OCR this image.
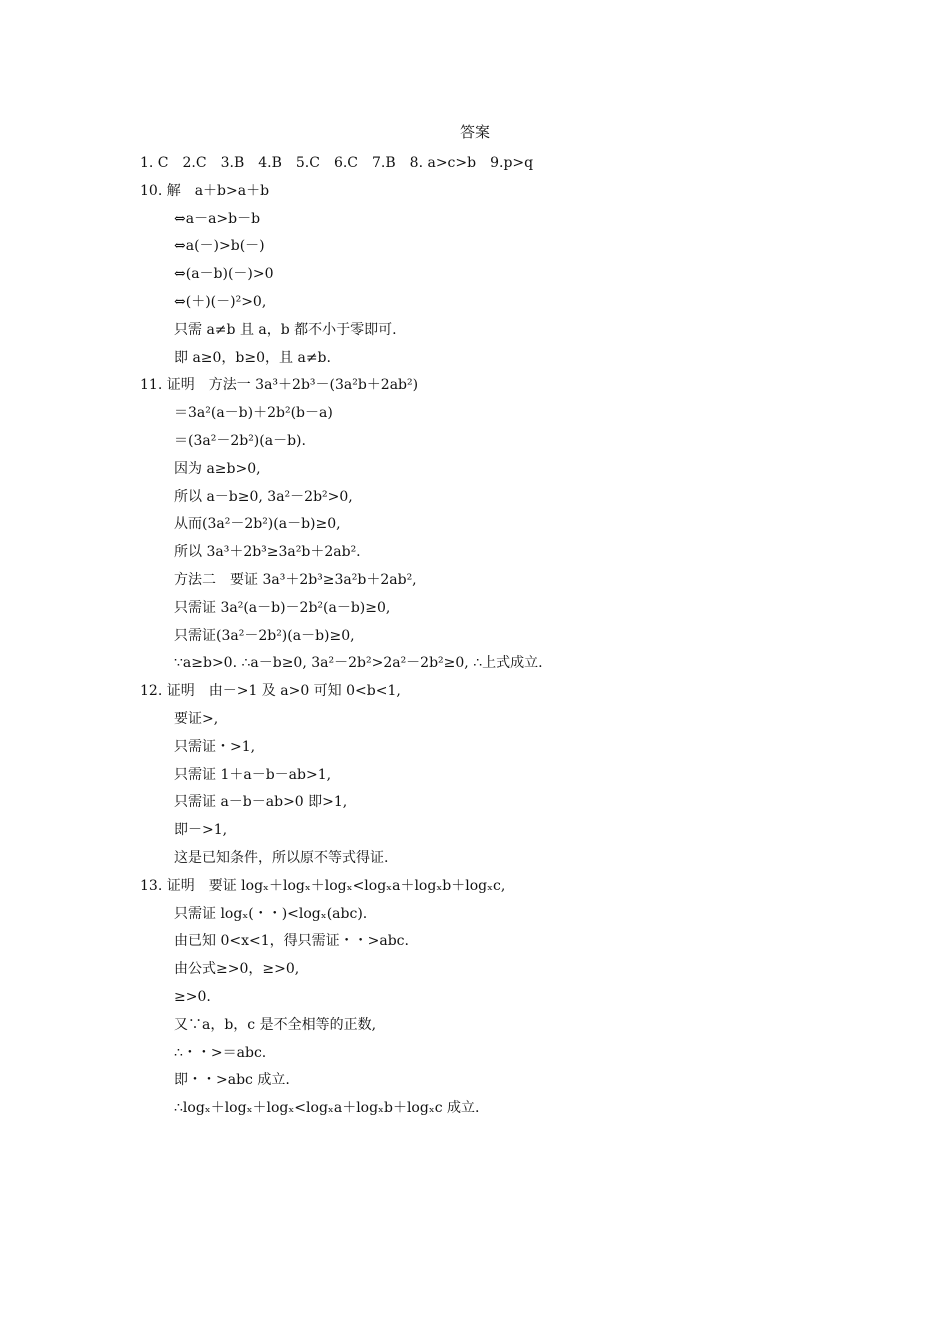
答案
1. C　2.C　3.B　4.B　5.C　6.C　7.B　8. a>c>b　9.p>q
10. 解　a＋b>a＋b
⇔a－a>b－b
⇔a(－)>b(－)
⇔(a－b)(－)>0
⇔(＋)(－)²>0,
只需 a≠b 且 a，b 都不小于零即可.
即 a≥0，b≥0，且 a≠b.
11. 证明　方法一 3a³＋2b³－(3a²b＋2ab²)
＝3a²(a－b)＋2b²(b－a)
＝(3a²－2b²)(a－b).
因为 a≥b>0,
所以 a－b≥0, 3a²－2b²>0,
从而(3a²－2b²)(a－b)≥0,
所以 3a³＋2b³≥3a²b＋2ab².
方法二　要证 3a³＋2b³≥3a²b＋2ab²,
只需证 3a²(a－b)－2b²(a－b)≥0,
只需证(3a²－2b²)(a－b)≥0,
∵a≥b>0. ∴a－b≥0, 3a²－2b²>2a²－2b²≥0, ∴上式成立.
12. 证明　由－>1 及 a>0 可知 0<b<1,
要证>,
只需证・>1,
只需证 1＋a－b－ab>1,
只需证 a－b－ab>0 即>1,
即－>1,
这是已知条件，所以原不等式得证.
13. 证明　要证 logₓ＋logₓ＋logₓ<logₓa＋logₓb＋logₓc,
只需证 logₓ(・・)<logₓ(abc).
由已知 0<x<1，得只需证・・>abc.
由公式≥>0，≥>0,
≥>0.
又∵a，b，c 是不全相等的正数,
∴・・>＝abc.
即・・>abc 成立.
∴logₓ＋logₓ＋logₓ<logₓa＋logₓb＋logₓc 成立.
